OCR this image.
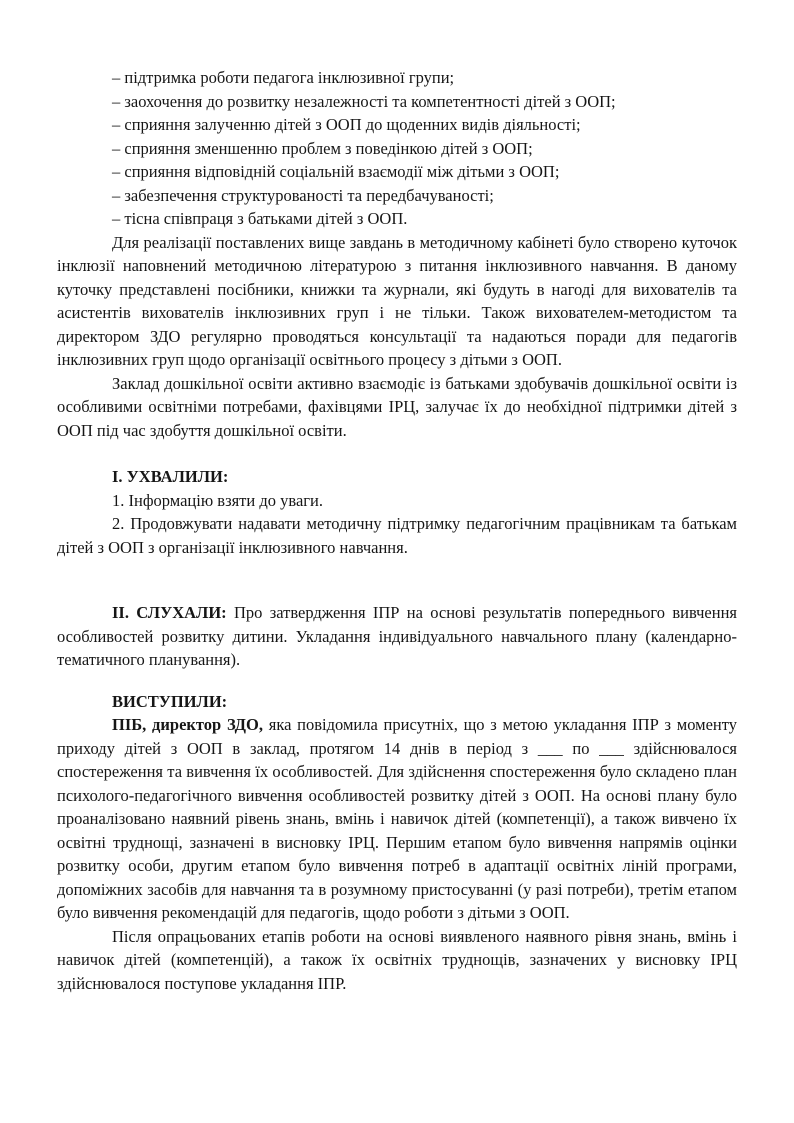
– підтримка роботи педагога інклюзивної групи;

– заохочення до розвитку незалежності та компетентності дітей з ООП;

– сприяння залученню дітей з ООП до щоденних видів діяльності;

– сприяння зменшенню проблем з поведінкою дітей з ООП;

– сприяння відповідній соціальній взаємодії між дітьми з ООП;

– забезпечення структурованості та передбачуваності;

– тісна співпраця з батьками дітей з ООП.

Для реалізації поставлених вище завдань в методичному кабінеті було створено куточок інклюзії наповнений методичною літературою з питання інклюзивного навчання. В даному куточку представлені посібники, книжки та журнали, які будуть в нагоді для вихователів та асистентів вихователів інклюзивних груп і не тільки. Також вихователем-методистом та директором ЗДО регулярно проводяться консультації та надаються поради для педагогів інклюзивних груп щодо організації освітнього процесу з дітьми з ООП.

Заклад дошкільної освіти активно взаємодіє із батьками здобувачів дошкільної освіти із особливими освітніми потребами, фахівцями ІРЦ, залучає їх до необхідної підтримки дітей з ООП під час здобуття дошкільної освіти.

І. УХВАЛИЛИ:

1. Інформацію взяти до уваги.

2. Продовжувати надавати методичну підтримку педагогічним працівникам та батькам дітей з ООП з організації інклюзивного навчання.

ІІ. СЛУХАЛИ: Про затвердження ІПР на основі результатів попереднього вивчення особливостей розвитку дитини. Укладання індивідуального навчального плану (календарно-тематичного планування).

ВИСТУПИЛИ:

ПІБ, директор ЗДО, яка повідомила присутніх, що з метою укладання ІПР з моменту приходу дітей з ООП в заклад, протягом 14 днів в період з ___ по ___ здійснювалося спостереження та вивчення їх особливостей. Для здійснення спостереження було складено план психолого-педагогічного вивчення особливостей розвитку дітей з ООП. На основі плану було проаналізовано наявний рівень знань, вмінь і навичок дітей (компетенції), а також вивчено їх освітні труднощі, зазначені в висновку ІРЦ. Першим етапом було вивчення напрямів оцінки розвитку особи, другим етапом було вивчення потреб в адаптації освітніх ліній програми, допоміжних засобів для навчання та в розумному пристосуванні (у разі потреби), третім етапом було вивчення рекомендацій для педагогів, щодо роботи з дітьми з ООП.

Після опрацьованих етапів роботи на основі виявленого наявного рівня знань, вмінь і навичок дітей (компетенцій), а також їх освітніх труднощів, зазначених у висновку ІРЦ здійснювалося поступове укладання ІПР.
